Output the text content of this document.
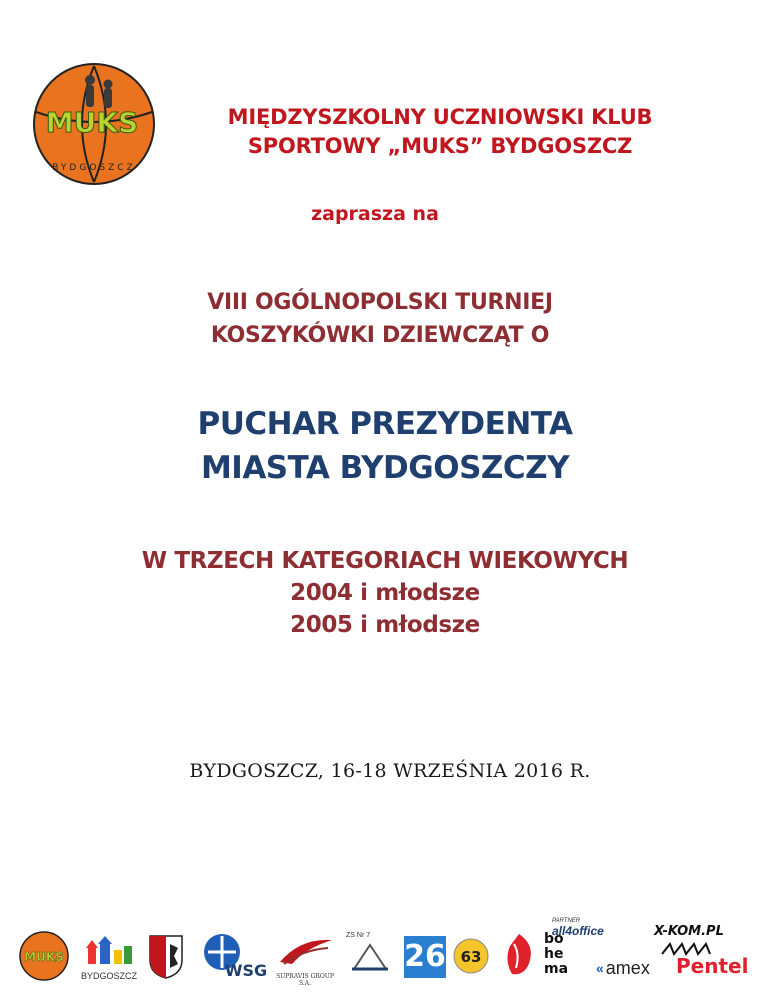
MUKS
BYDGOSZCZ
MIĘDZYSZKOLNY UCZNIOWSKI KLUB
SPORTOWY „MUKS” BYDGOSZCZ
zaprasza na
VIII OGÓLNOPOLSKI TURNIEJ
KOSZYKÓWKI DZIEWCZĄT O
PUCHAR PREZYDENTA
MIASTA BYDGOSZCZY
W TRZECH KATEGORIACH WIEKOWYCH
2004 i młodsze
2005 i młodsze
BYDGOSZCZ, 16-18 WRZEŚNIA 2016 R.
MUKS
BYDGOSZCZ	WSG	SUPRAVIS GROUP S.A.
ZS Nr 7
26 63
bo
he
ma
PARTNER
all4office	X-KOM.PL
« amex Pentel
